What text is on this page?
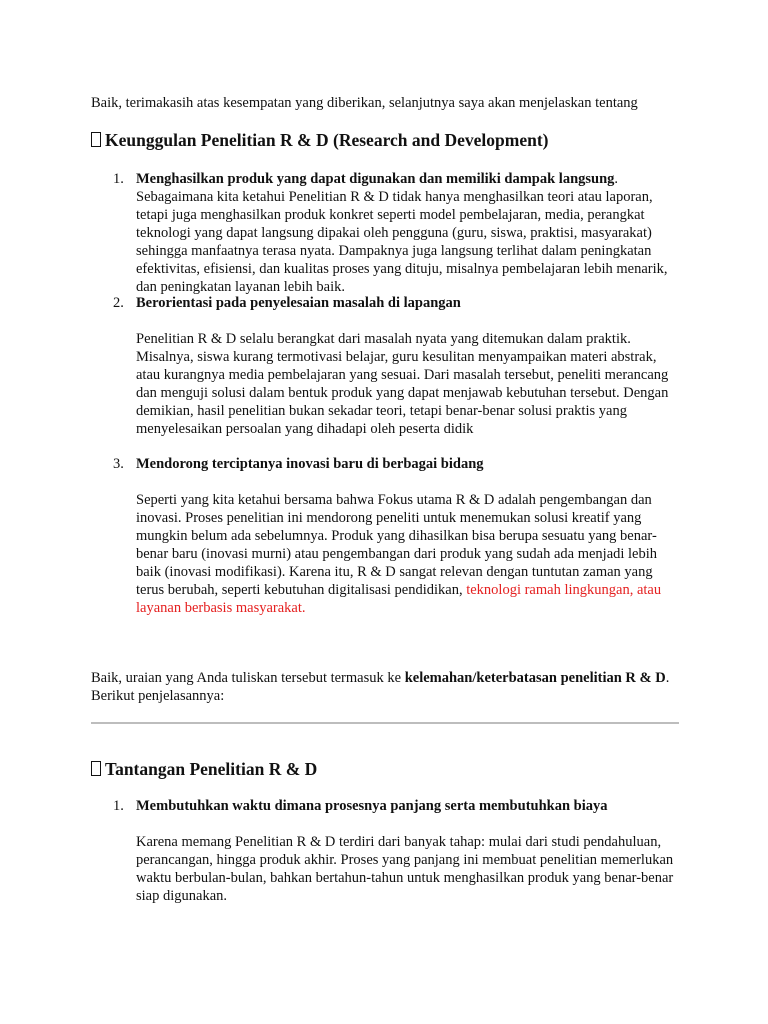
Baik, terimakasih atas kesempatan yang diberikan, selanjutnya saya akan menjelaskan tentang
Keunggulan Penelitian R & D (Research and Development)
1. Menghasilkan produk yang dapat digunakan dan memiliki dampak langsung.
Sebagaimana kita ketahui Penelitian R & D tidak hanya menghasilkan teori atau laporan, tetapi juga menghasilkan produk konkret seperti model pembelajaran, media, perangkat teknologi yang dapat langsung dipakai oleh pengguna (guru, siswa, praktisi, masyarakat) sehingga manfaatnya terasa nyata. Dampaknya juga langsung terlihat dalam peningkatan efektivitas, efisiensi, dan kualitas proses yang dituju, misalnya pembelajaran lebih menarik, dan peningkatan layanan lebih baik.
2. Berorientasi pada penyelesaian masalah di lapangan
Penelitian R & D selalu berangkat dari masalah nyata yang ditemukan dalam praktik. Misalnya, siswa kurang termotivasi belajar, guru kesulitan menyampaikan materi abstrak, atau kurangnya media pembelajaran yang sesuai. Dari masalah tersebut, peneliti merancang dan menguji solusi dalam bentuk produk yang dapat menjawab kebutuhan tersebut. Dengan demikian, hasil penelitian bukan sekadar teori, tetapi benar-benar solusi praktis yang menyelesaikan persoalan yang dihadapi oleh peserta didik
3. Mendorong terciptanya inovasi baru di berbagai bidang
Seperti yang kita ketahui bersama bahwa Fokus utama R & D adalah pengembangan dan inovasi. Proses penelitian ini mendorong peneliti untuk menemukan solusi kreatif yang mungkin belum ada sebelumnya. Produk yang dihasilkan bisa berupa sesuatu yang benar-benar baru (inovasi murni) atau pengembangan dari produk yang sudah ada menjadi lebih baik (inovasi modifikasi). Karena itu, R & D sangat relevan dengan tuntutan zaman yang terus berubah, seperti kebutuhan digitalisasi pendidikan, teknologi ramah lingkungan, atau layanan berbasis masyarakat.
Baik, uraian yang Anda tuliskan tersebut termasuk ke kelemahan/keterbatasan penelitian R & D. Berikut penjelasannya:
Tantangan Penelitian R & D
1. Membutuhkan waktu dimana prosesnya panjang serta membutuhkan biaya
Karena memang Penelitian R & D terdiri dari banyak tahap: mulai dari studi pendahuluan, perancangan, hingga produk akhir. Proses yang panjang ini membuat penelitian memerlukan waktu berbulan-bulan, bahkan bertahun-tahun untuk menghasilkan produk yang benar-benar siap digunakan.
